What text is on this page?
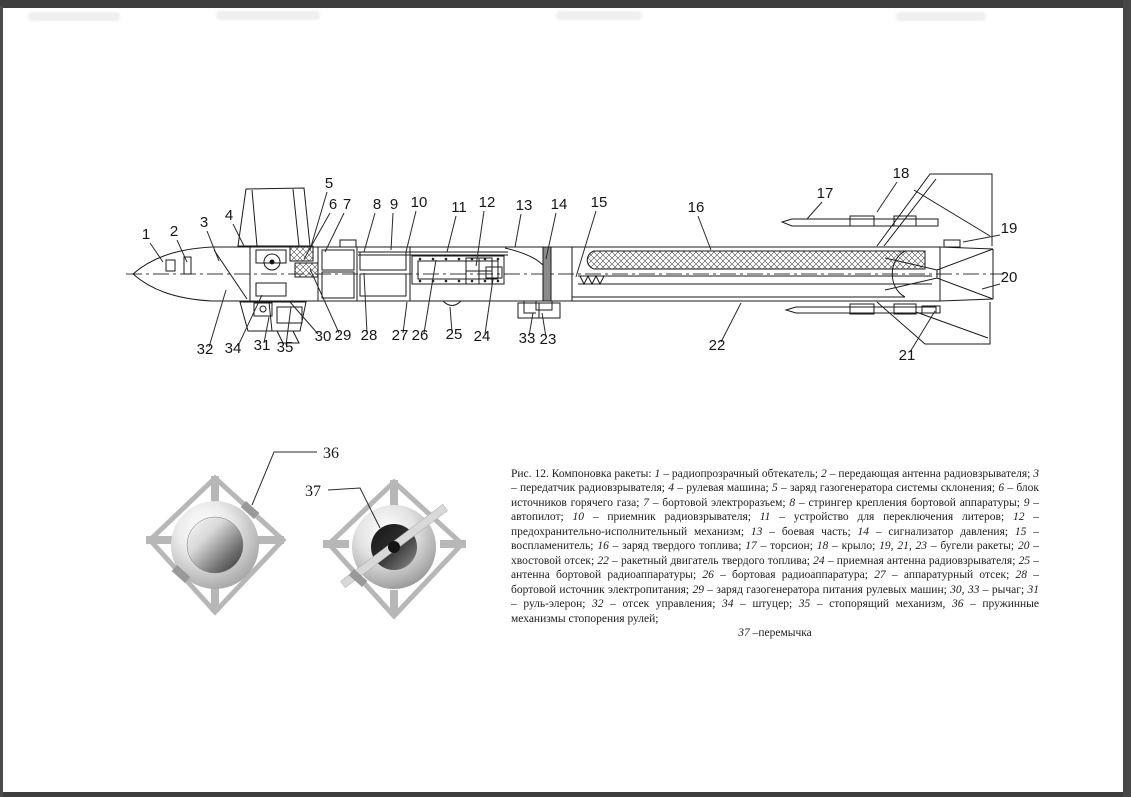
1 2
3 4
5
6 7 8 9 10 11 12 13 14 15	16
17
18
19
20
21
22
23
24
25
26
27
28
29
30
31
32
33
34 35
36
37
Рис. 12. Компоновка ракеты: 1 – радиопрозрачный обтекатель; 2 – передающая антенна радиовзрывателя; 3 – передатчик радиовзрывателя; 4 – рулевая машина; 5 – заряд газогенератора системы склонения; 6 – блок источников горячего газа; 7 – бортовой электроразъем; 8 – стрингер крепления бортовой аппаратуры; 9 – автопилот; 10 – приемник радиовзрывателя; 11 – устройство для переключения литеров; 12 – предохранительно-исполнительный механизм; 13 – боевая часть; 14 – сигнализатор давления; 15 – воспламенитель; 16 – заряд твердого топлива; 17 – торсион; 18 – крыло; 19, 21, 23 – бугели ракеты; 20 – хвостовой отсек; 22 – ракетный двигатель твердого топлива; 24 – приемная антенна радиовзрывателя; 25 – антенна бортовой радиоаппаратуры; 26 – бортовая радиоаппаратура; 27 – аппаратурный отсек; 28 – бортовой источник электропитания; 29 – заряд газогенератора питания рулевых машин; 30, 33 – рычаг; 31 – руль-элерон; 32 – отсек управления; 34 – штуцер; 35 – стопорящий механизм, 36 – пружинные механизмы стопорения рулей;
37 –перемычка
